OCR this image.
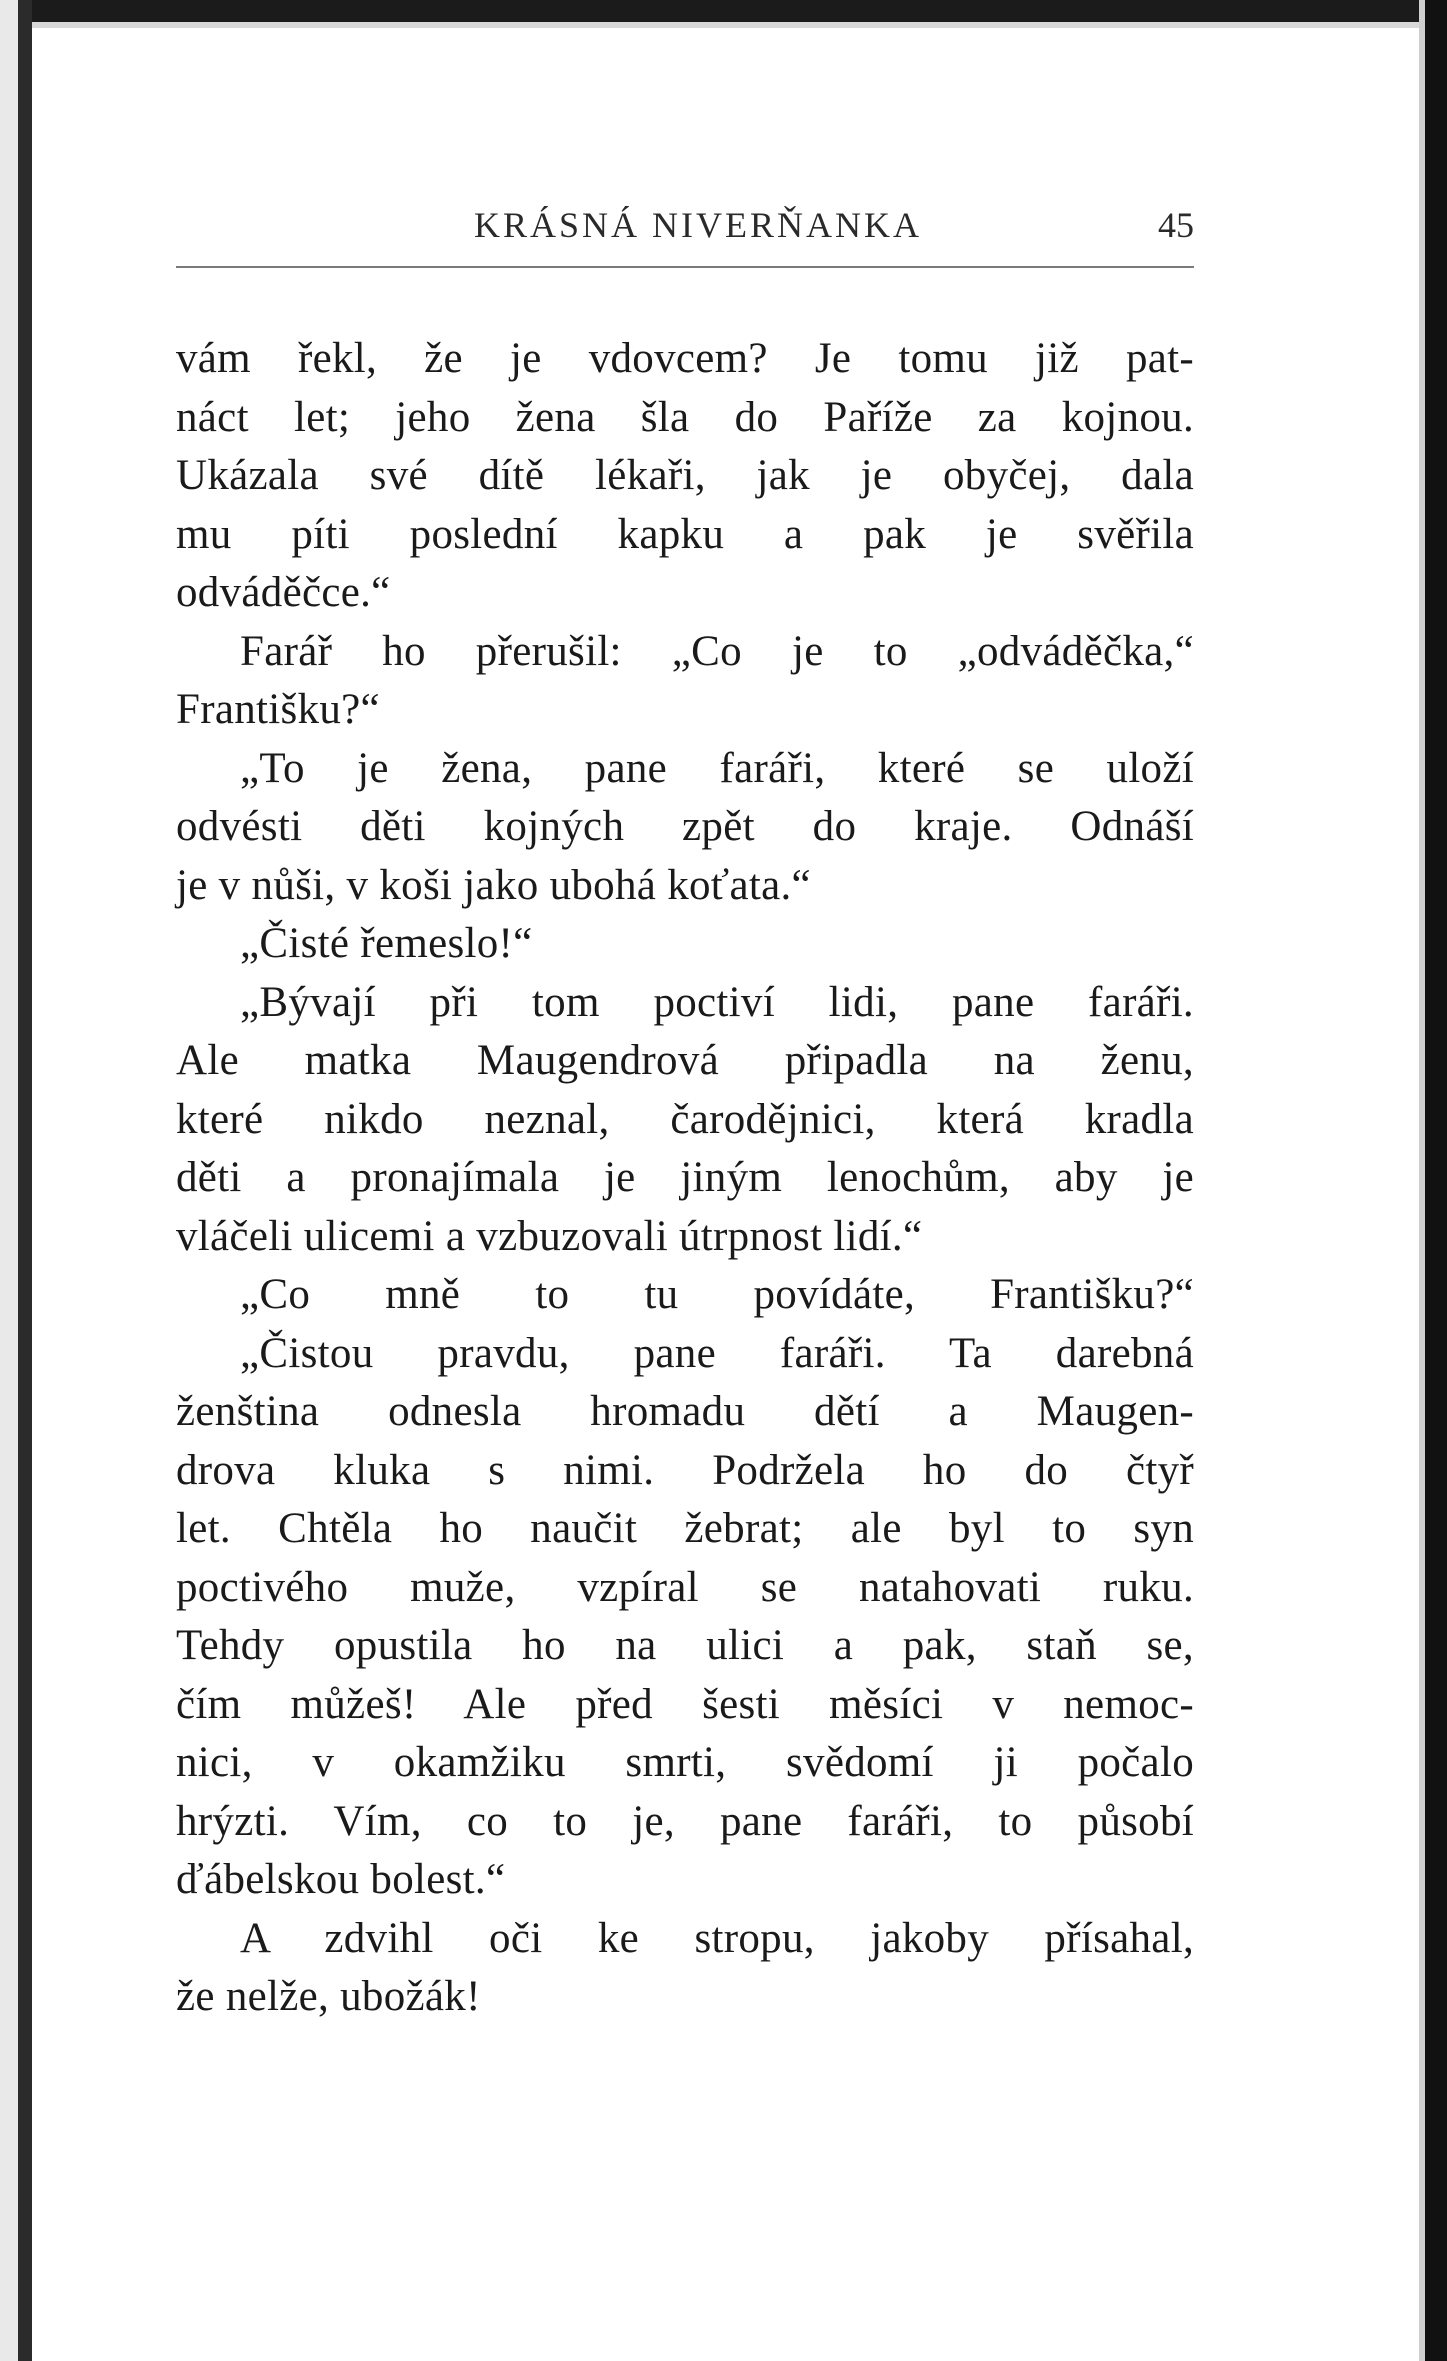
KRÁSNÁ NIVERŇANKA	45
vám řekl, že je vdovcem? Je tomu již pat-
náct let; jeho žena šla do Paříže za kojnou.
Ukázala své dítě lékaři, jak je obyčej, dala
mu píti poslední kapku a pak je svěřila
odváděčce.“
Farář ho přerušil: „Co je to „odváděčka,“
Františku?“
„To je žena, pane faráři, které se uloží
odvésti děti kojných zpět do kraje. Odnáší
je v nůši, v koši jako ubohá koťata.“
„Čisté řemeslo!“
„Bývají při tom poctiví lidi, pane faráři.
Ale matka Maugendrová připadla na ženu,
které nikdo neznal, čarodějnici, která kradla
děti a pronajímala je jiným lenochům, aby je
vláčeli ulicemi a vzbuzovali útrpnost lidí.“
„Co mně to tu povídáte, Františku?“
„Čistou pravdu, pane faráři. Ta darebná
ženština odnesla hromadu dětí a Maugen-
drova kluka s nimi. Podržela ho do čtyř
let. Chtěla ho naučit žebrat; ale byl to syn
poctivého muže, vzpíral se natahovati ruku.
Tehdy opustila ho na ulici a pak, staň se,
čím můžeš! Ale před šesti měsíci v nemoc-
nici, v okamžiku smrti, svědomí ji počalo
hrýzti. Vím, co to je, pane faráři, to působí
ďábelskou bolest.“
A zdvihl oči ke stropu, jakoby přísahal,
že nelže, ubožák!
